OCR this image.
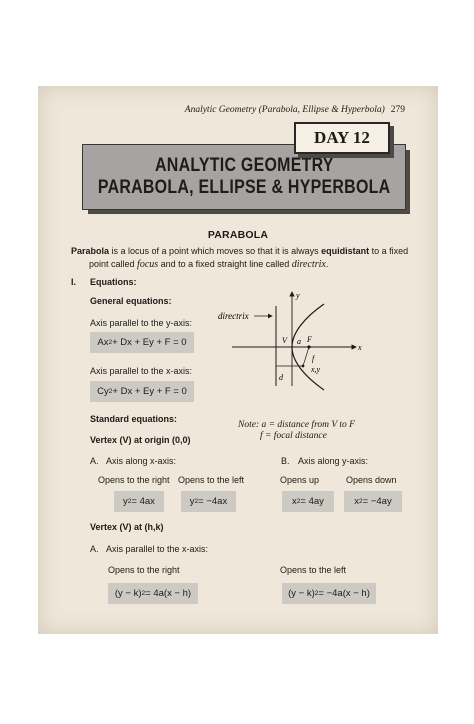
Analytic Geometry (Parabola, Ellipse & Hyperbola) 279
ANALYTIC GEOMETRY
PARABOLA, ELLIPSE & HYPERBOLA
DAY 12
PARABOLA
Parabola is a locus of a point which moves so that it is always equidistant to a fixed
point called focus and to a fixed straight line called directrix.
I. Equations:
General equations:
Axis parallel to the y-axis:
Ax 2 + Dx + Ey + F = 0
Axis parallel to the x-axis:
Cy 2 + Dx + Ey + F = 0
directrix
y
x
V a F
f
x,y
d
Note: a = distance from V to F
f = focal distance
Standard equations:
Vertex (V) at origin (0,0)
A. Axis along x-axis:	B. Axis along y-axis:
Opens to the right Opens to the left	Opens up	Opens down
y 2 = 4ax	y 2 = −4ax	x 2 = 4ay	x 2 = −4ay
Vertex (V) at (h,k)
A. Axis parallel to the x-axis:
Opens to the right	Opens to the left
(y − k) 2 = 4a(x − h)	(y − k) 2 = −4a(x − h)
